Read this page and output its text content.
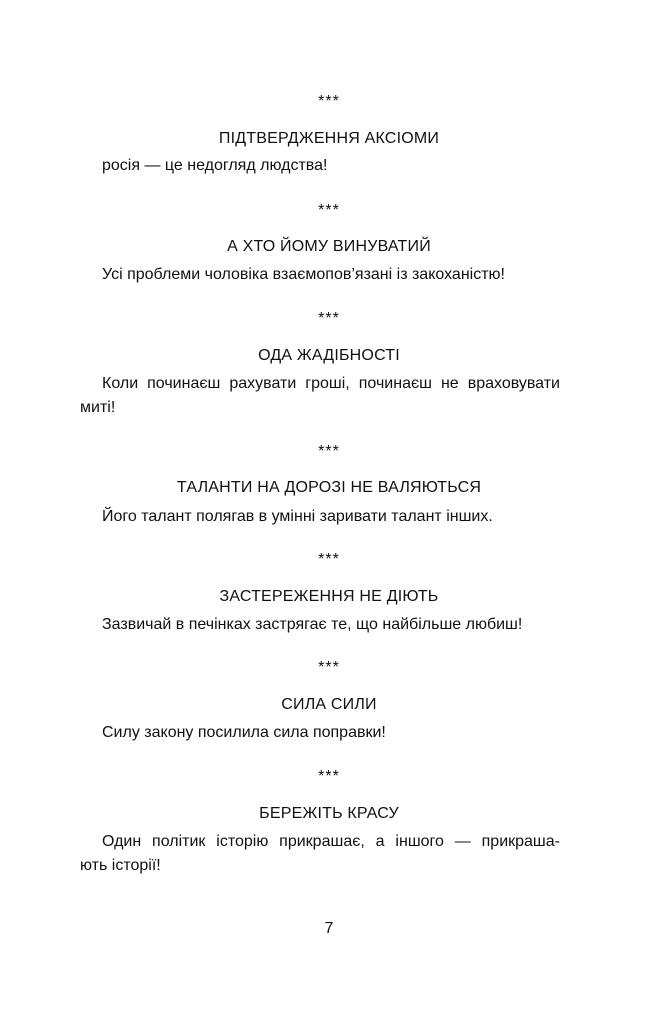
***

ПІДТВЕРДЖЕННЯ АКСІОМИ

росія — це недогляд людства!

***

А ХТО ЙОМУ ВИНУВАТИЙ

Усі проблеми чоловіка взаємопов’язані із закоханістю!

***

ОДА ЖАДІБНОСТІ

Коли починаєш рахувати гроші, починаєш не враховувати

миті!

***

ТАЛАНТИ НА ДОРОЗІ НЕ ВАЛЯЮТЬСЯ

Його талант полягав в умінні заривати талант інших.

***

ЗАСТЕРЕЖЕННЯ НЕ ДІЮТЬ

Зазвичай в печінках застрягає те, що найбільше любиш!

***

СИЛА СИЛИ

Силу закону посилила сила поправки!

***

БЕРЕЖІТЬ КРАСУ

Один політик історію прикрашає, а іншого — прикраша-

ють історії!

7
